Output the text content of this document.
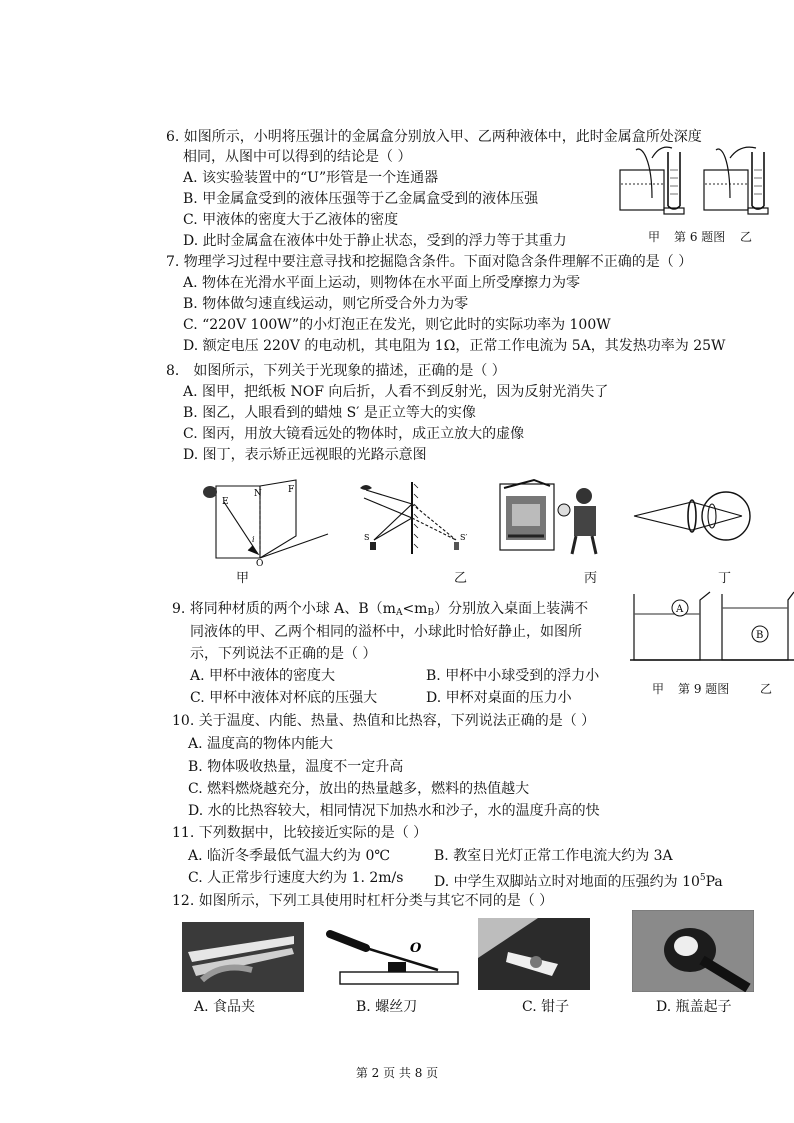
6. 如图所示，小明将压强计的金属盒分别放入甲、乙两种液体中，此时金属盒所处深度
相同，从图中可以得到的结论是（ ）
A. 该实验装置中的“U”形管是一个连通器
B. 甲金属盒受到的液体压强等于乙金属盒受到的液体压强
C. 甲液体的密度大于乙液体的密度
D. 此时金属盒在液体中处于静止状态，受到的浮力等于其重力	甲 第 6 题图 乙
7. 物理学习过程中要注意寻找和挖掘隐含条件。下面对隐含条件理解不正确的是（ ）
A. 物体在光滑水平面上运动，则物体在水平面上所受摩擦力为零
B. 物体做匀速直线运动，则它所受合外力为零
C. “220V 100W”的小灯泡正在发光，则它此时的实际功率为 100W
D. 额定电压 220V 的电动机，其电阻为 1Ω，正常工作电流为 5A，其发热功率为 25W
8． 如图所示，下列关于光现象的描述，正确的是（ ）
A. 图甲，把纸板 NOF 向后折，人看不到反射光，因为反射光消失了
B. 图乙，人眼看到的蜡烛 S′ 是正立等大的实像
C. 图丙，用放大镜看远处的物体时，成正立放大的虚像
D. 图丁，表示矫正远视眼的光路示意图
E
N	F
O
i
甲
S	S′
乙	丙	丁
9. 将同种材质的两个小球 A、$B(m_A<m_B)$分别放入桌面上装满不
同液体的甲、乙两个相同的溢杯中，小球此时恰好静止，如图所
示，下列说法不正确的是（ ）
A. 甲杯中液体的密度大	B. 甲杯中小球受到的浮力小
C. 甲杯中液体对杯底的压强大	D. 甲杯对桌面的压力小
A
B
甲 第 9 题图	乙
10. 关于温度、内能、热量、热值和比热容，下列说法正确的是（ ）
A. 温度高的物体内能大
B. 物体吸收热量，温度不一定升高
C. 燃料燃烧越充分，放出的热量越多，燃料的热值越大
D. 水的比热容较大，相同情况下加热水和沙子，水的温度升高的快
11. 下列数据中，比较接近实际的是（ ）
A. 临沂冬季最低气温大约为 0℃	B. 教室日光灯正常工作电流大约为 3A
C. 人正常步行速度大约为 1. 2m/s D. 中学生双脚站立时对地面的压强约为 $10^5Pa$
12. 如图所示，下列工具使用时杠杆分类与其它不同的是（ ）
O
A. 食品夹	B. 螺丝刀	C. 钳子	D. 瓶盖起子
第 2 页 共 8 页
